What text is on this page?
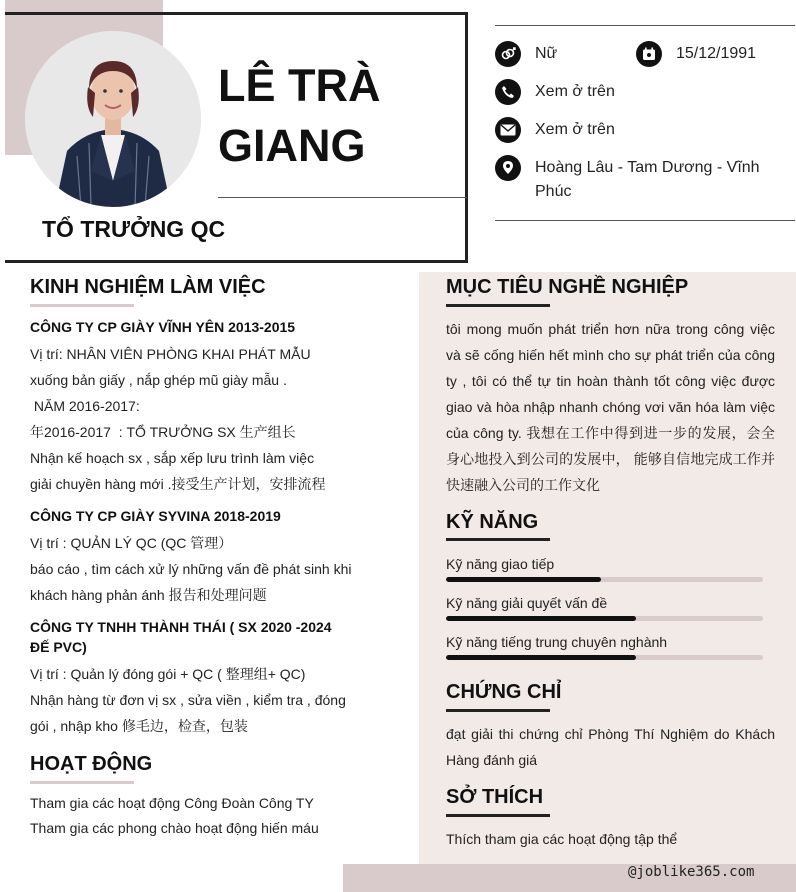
LÊ TRÀ
GIANG
TỔ TRƯỞNG QC
Nữ	15/12/1991
Xem ở trên
Xem ở trên
Hoàng Lâu - Tam Dương - Vĩnh Phúc
KINH NGHIỆM LÀM VIỆC
CÔNG TY CP GIÀY VĨNH YÊN 2013-2015

Vị trí: NHÂN VIÊN PHÒNG KHAI PHÁT MẪU

xuống bản giấy , nắp ghép mũ giày mẫu .

NĂM 2016-2017:

年2016-2017  : TỔ TRƯỞNG SX 生产组长

Nhận kế hoạch sx , sắp xếp lưu trình làm việc

giải chuyền hàng mới .接受生产计划，安排流程

CÔNG TY CP GIÀY SYVINA 2018-2019

Vị trí : QUẢN LÝ QC (QC 管理）

báo cáo , tìm cách xử lý những vấn đề phát sinh khi

khách hàng phản ánh 报告和处理问题

CÔNG TY TNHH THÀNH THÁI ( SX 2020 -2024
ĐẾ PVC)

Vị trí : Quản lý đóng gói + QC ( 整理组+ QC)

Nhận hàng từ đơn vị sx , sửa viền , kiểm tra , đóng

gói , nhập kho 修毛边，检查，包装

HOẠT ĐỘNG

Tham gia các hoạt động Công Đoàn Công TY

Tham gia các phong chào hoạt động hiến máu

MỤC TIÊU NGHỀ NGHIỆP
tôi mong muốn phát triển hơn nữa trong công việc và sẽ cống hiến hết mình cho sự phát triển của công ty , tôi có thể tự tin hoàn thành tốt công việc được giao và hòa nhập nhanh chóng vơi văn hóa làm việc của công ty. 我想在工作中得到进一步的发展，会全身心地投入到公司的发展中， 能够自信地完成工作并快速融入公司的工作文化
KỸ NĂNG
Kỹ năng giao tiếp
Kỹ năng giải quyết vấn đề
Kỹ năng tiếng trung chuyên nghành
CHỨNG CHỈ
đạt giải thi chứng chỉ Phòng Thí Nghiệm do Khách Hàng đánh giá
SỞ THÍCH
Thích tham gia các hoạt động tập thể
@joblike365.com
